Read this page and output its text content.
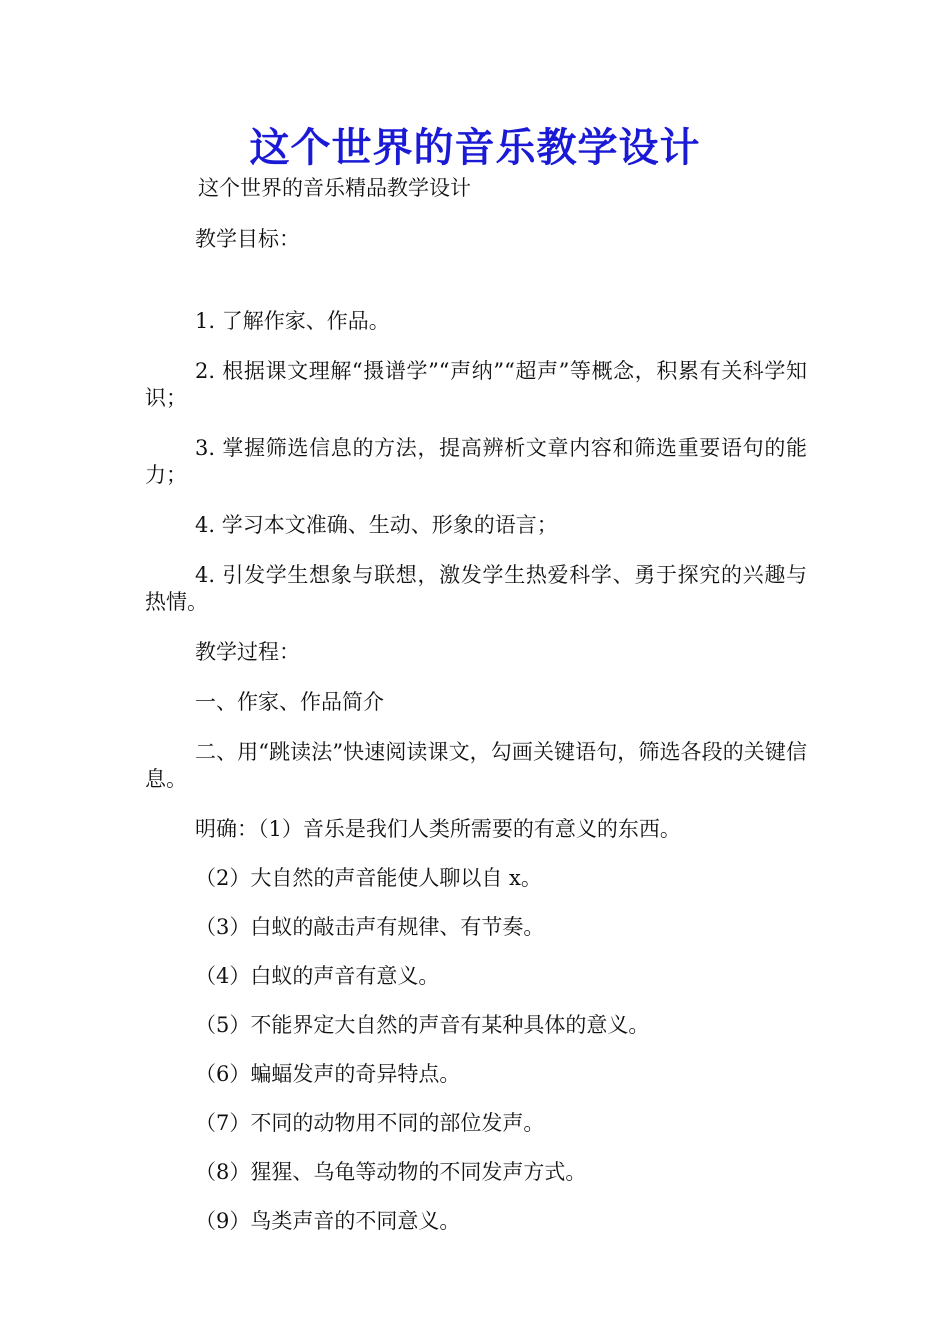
这个世界的音乐教学设计

这个世界的音乐精品教学设计

教学目标：

1. 了解作家、作品。

2. 根据课文理解“摄谱学”“声纳”“超声”等概念，积累有关科学知识；

3. 掌握筛选信息的方法，提高辨析文章内容和筛选重要语句的能力；

4. 学习本文准确、生动、形象的语言；

4. 引发学生想象与联想，激发学生热爱科学、勇于探究的兴趣与热情。

教学过程：

一、作家、作品简介

二、用“跳读法”快速阅读课文，勾画关键语句，筛选各段的关键信息。

明确：（1）音乐是我们人类所需要的有意义的东西。

（2）大自然的声音能使人聊以自 x。

（3）白蚁的敲击声有规律、有节奏。

（4）白蚁的声音有意义。

（5）不能界定大自然的声音有某种具体的意义。

（6）蝙蝠发声的奇异特点。

（7）不同的动物用不同的部位发声。

（8）猩猩、乌龟等动物的不同发声方式。

（9）鸟类声音的不同意义。
